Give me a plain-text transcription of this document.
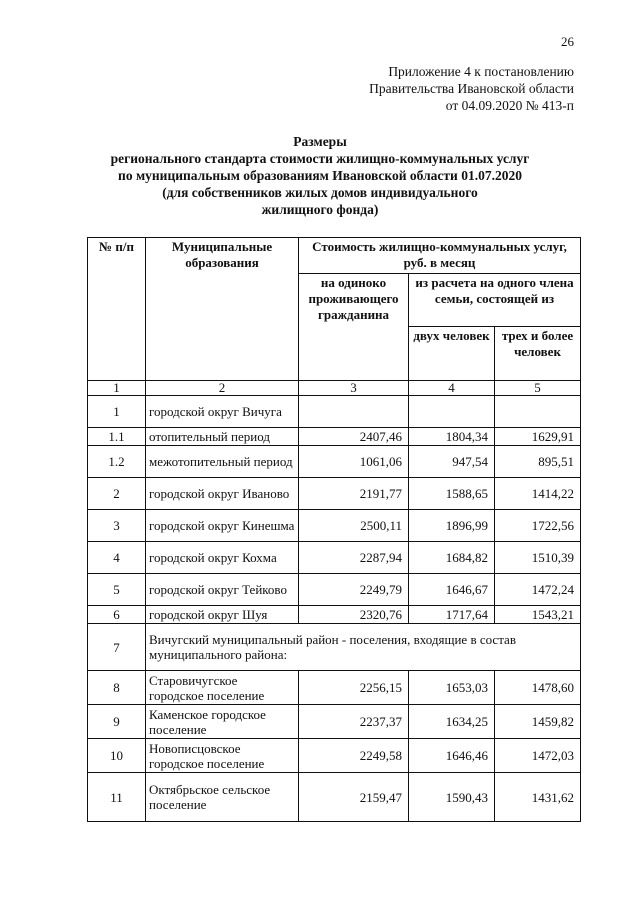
26
Приложение 4 к постановлению
Правительства Ивановской области
от 04.09.2020 № 413-п
Размеры
регионального стандарта стоимости жилищно-коммунальных услуг
по муниципальным образованиям Ивановской области 01.07.2020
(для собственников жилых домов индивидуального
жилищного фонда)
№ п/п	Муниципальные образования	Стоимость жилищно-коммунальных услуг, руб. в месяц		
		на одиноко проживающего гражданина	из расчета на одного члена семьи, состоящей из	
			двух человек	трех и более человек
1	2	3	4	5
1	городской округ Вичуга			
1.1	отопительный период	2407,46	1804,34	1629,91
1.2	межотопительный период	1061,06	947,54	895,51
2	городской округ Иваново	2191,77	1588,65	1414,22
3	городской округ Кинешма	2500,11	1896,99	1722,56
4	городской округ Кохма	2287,94	1684,82	1510,39
5	городской округ Тейково	2249,79	1646,67	1472,24
6	городской округ Шуя	2320,76	1717,64	1543,21
7	Вичугский муниципальный район - поселения, входящие в состав муниципального района:			
8	Старовичугское городское поселение	2256,15	1653,03	1478,60
9	Каменское городское поселение	2237,37	1634,25	1459,82
10	Новописцовское городское поселение	2249,58	1646,46	1472,03
11	Октябрьское сельское поселение	2159,47	1590,43	1431,62
